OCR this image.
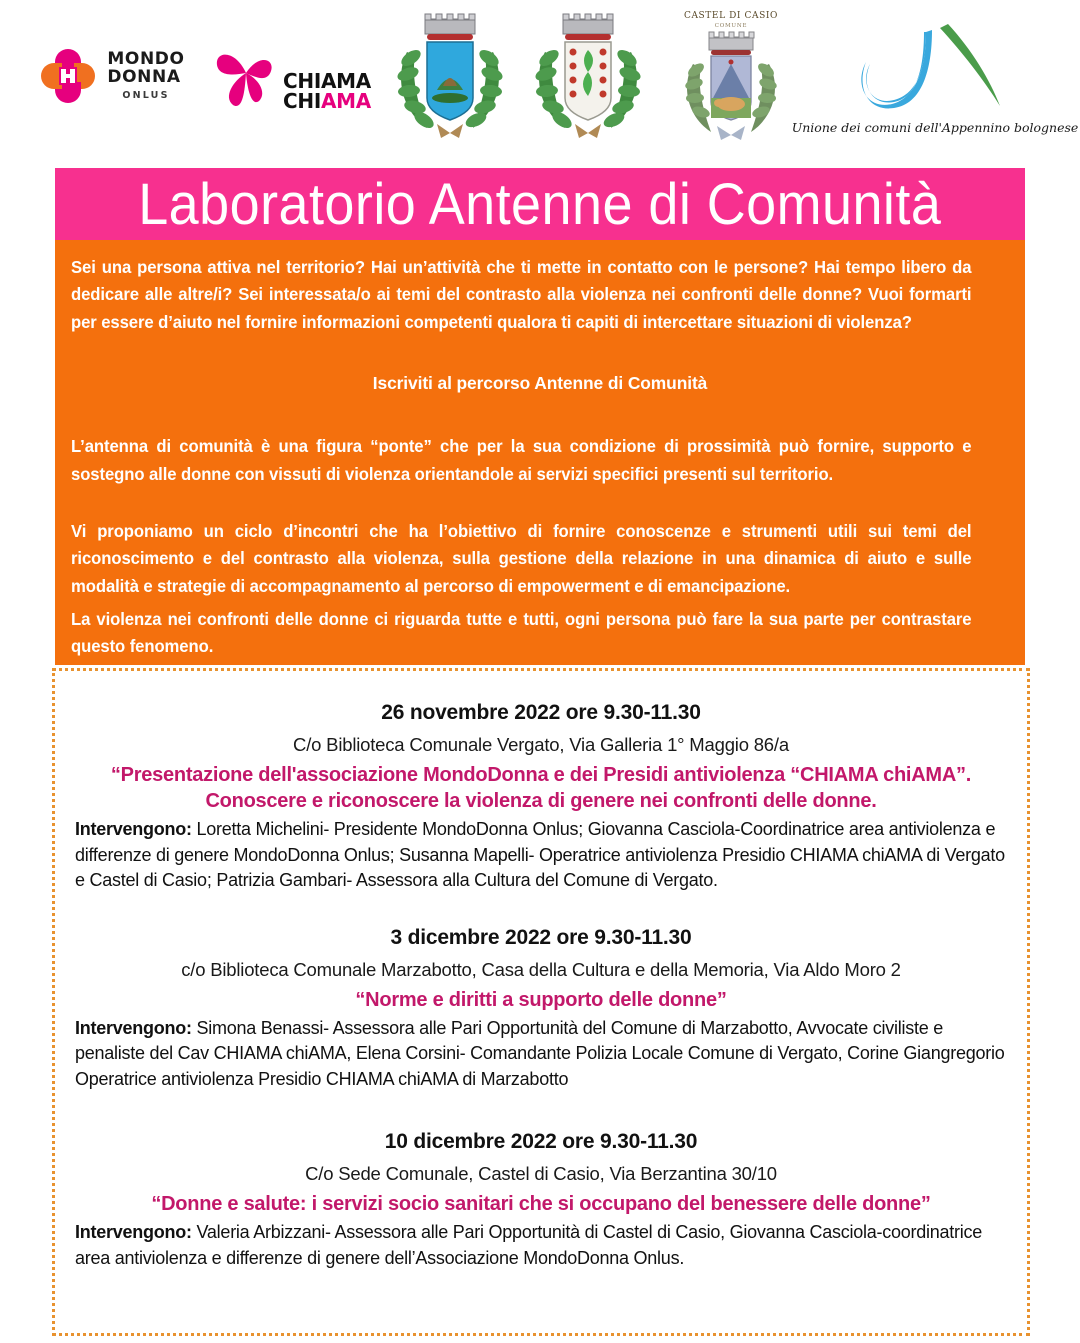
MONDO
DONNA
ONLUS
CHIAMA
CHIAMA
CASTEL DI CASIO
COMUNE
Unione dei comuni dell'Appennino bolognese
Laboratorio Antenne di Comunità

Sei una persona attiva nel territorio? Hai un’attività che ti mette in contatto con le persone? Hai tempo libero da dedicare alle altre/i? Sei interessata/o ai temi del contrasto alla violenza nei confronti delle donne? Vuoi formarti per essere d’aiuto nel fornire informazioni competenti qualora ti capiti di intercettare situazioni di violenza?

Iscriviti al percorso Antenne di Comunità

L’antenna di comunità è una figura “ponte” che per la sua condizione di prossimità può fornire, supporto e sostegno alle donne con vissuti di violenza orientandole ai servizi specifici presenti sul territorio.

Vi proponiamo un ciclo d’incontri che ha l’obiettivo di fornire conoscenze e strumenti utili sui temi del riconoscimento e del contrasto alla violenza, sulla gestione della relazione in una dinamica di aiuto e sulle modalità e strategie di accompagnamento al percorso di empowerment e di emancipazione.

La violenza nei confronti delle donne ci riguarda tutte e tutti, ogni persona può fare la sua parte per contrastare questo fenomeno.

26 novembre 2022 ore 9.30-11.30
C/o Biblioteca Comunale Vergato, Via Galleria 1° Maggio 86/a
“Presentazione dell'associazione MondoDonna e dei Presidi antiviolenza “CHIAMA chiAMA”. Conoscere e riconoscere la violenza di genere nei confronti delle donne.
Intervengono: Loretta Michelini- Presidente MondoDonna Onlus; Giovanna Casciola-Coordinatrice area antiviolenza e differenze di genere MondoDonna Onlus; Susanna Mapelli- Operatrice antiviolenza Presidio CHIAMA chiAMA di Vergato e Castel di Casio; Patrizia Gambari- Assessora alla Cultura del Comune di Vergato.
3 dicembre 2022 ore 9.30-11.30
c/o Biblioteca Comunale Marzabotto, Casa della Cultura e della Memoria, Via Aldo Moro 2
“Norme e diritti a supporto delle donne”
Intervengono: Simona Benassi- Assessora alle Pari Opportunità del Comune di Marzabotto, Avvocate civiliste e penaliste del Cav CHIAMA chiAMA, Elena Corsini- Comandante Polizia Locale Comune di Vergato, Corine Giangregorio Operatrice antiviolenza Presidio CHIAMA chiAMA di Marzabotto
10 dicembre 2022 ore 9.30-11.30
C/o Sede Comunale, Castel di Casio, Via Berzantina 30/10
“Donne e salute: i servizi socio sanitari che si occupano del benessere delle donne”
Intervengono: Valeria Arbizzani- Assessora alle Pari Opportunità di Castel di Casio, Giovanna Casciola-coordinatrice area antiviolenza e differenze di genere dell’Associazione MondoDonna Onlus.
